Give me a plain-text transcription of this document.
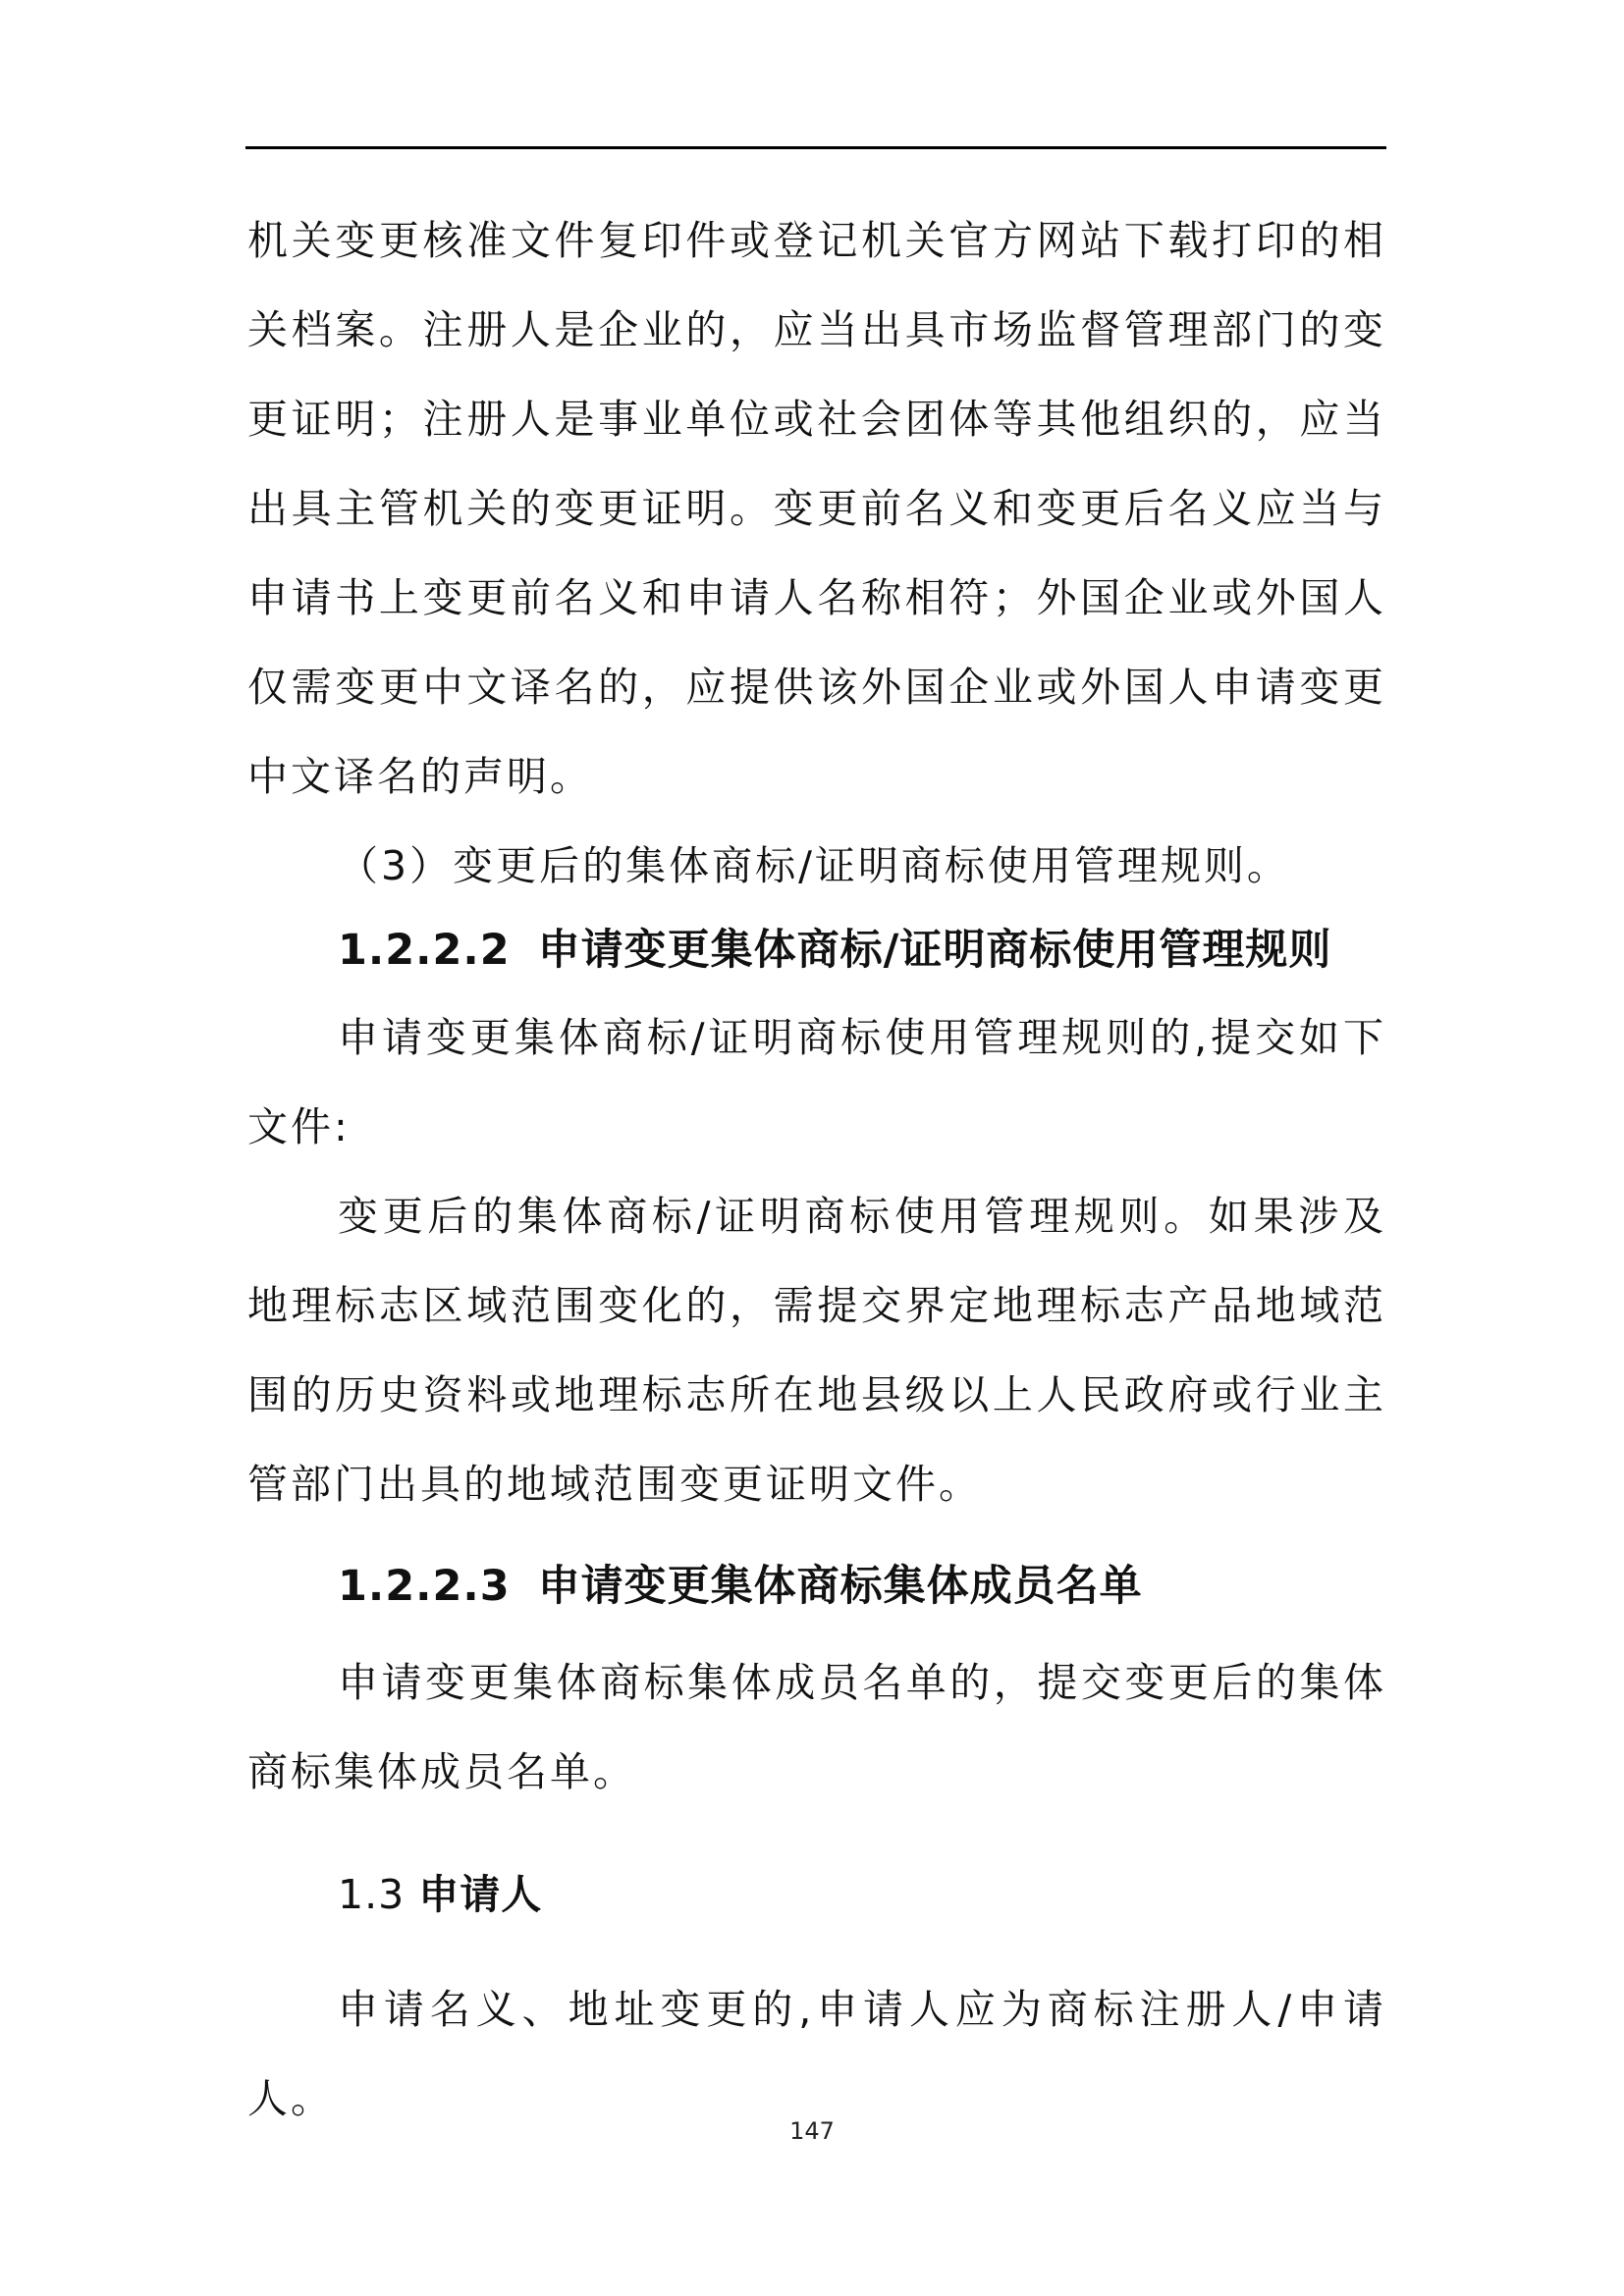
机关变更核准文件复印件或登记机关官方网站下载打印的相关档案。注册人是企业的，应当出具市场监督管理部门的变更证明；注册人是事业单位或社会团体等其他组织的，应当出具主管机关的变更证明。变更前名义和变更后名义应当与申请书上变更前名义和申请人名称相符；外国企业或外国人仅需变更中文译名的，应提供该外国企业或外国人申请变更中文译名的声明。

（3）变更后的集体商标/证明商标使用管理规则。

1.2.2.2 申请变更集体商标/证明商标使用管理规则

申请变更集体商标/证明商标使用管理规则的,提交如下文件:

变更后的集体商标/证明商标使用管理规则。如果涉及地理标志区域范围变化的，需提交界定地理标志产品地域范围的历史资料或地理标志所在地县级以上人民政府或行业主管部门出具的地域范围变更证明文件。

1.2.2.3 申请变更集体商标集体成员名单

申请变更集体商标集体成员名单的，提交变更后的集体商标集体成员名单。

1.3 申请人

申请名义、地址变更的,申请人应为商标注册人/申请人。

147
